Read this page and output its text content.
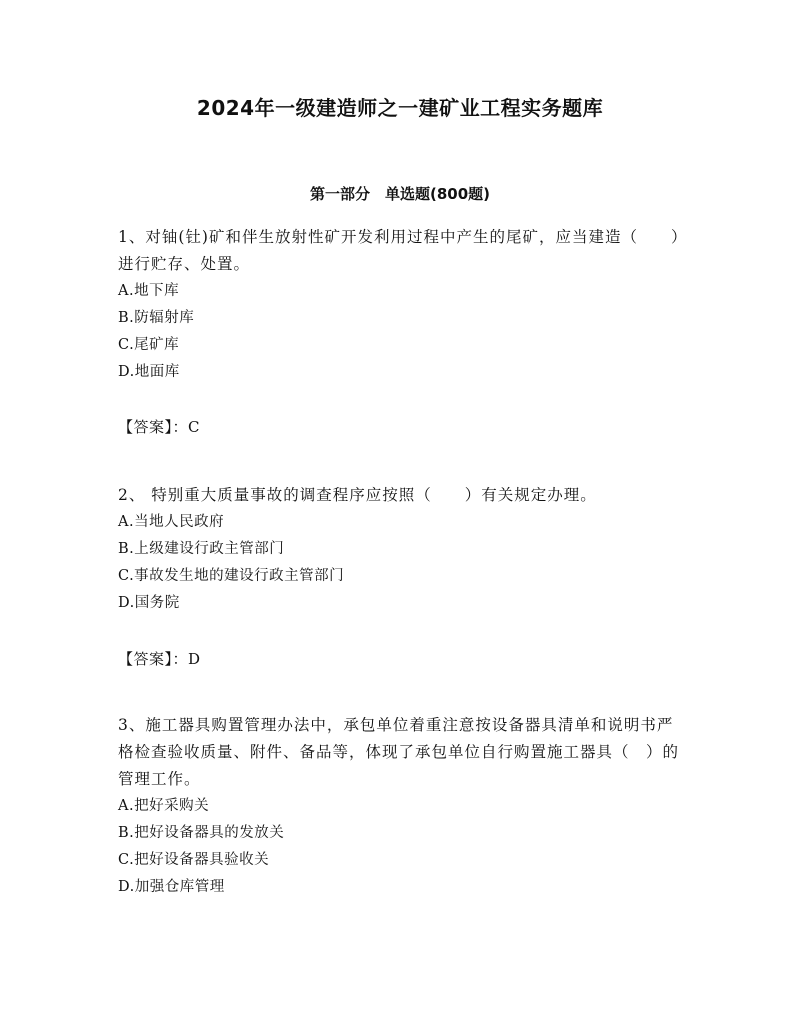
2024年一级建造师之一建矿业工程实务题库
第一部分　单选题(800题)

1、对铀(钍)矿和伴生放射性矿开发利用过程中产生的尾矿，应当建造（　　）进行贮存、处置。

A.地下库
B.防辐射库
C.尾矿库
D.地面库
【答案】：C

2、 特别重大质量事故的调查程序应按照（　　）有关规定办理。

A.当地人民政府
B.上级建设行政主管部门
C.事故发生地的建设行政主管部门
D.国务院
【答案】：D

3、施工器具购置管理办法中，承包单位着重注意按设备器具清单和说明书严格检查验收质量、附件、备品等，体现了承包单位自行购置施工器具（　）的管理工作。

A.把好采购关
B.把好设备器具的发放关
C.把好设备器具验收关
D.加强仓库管理
